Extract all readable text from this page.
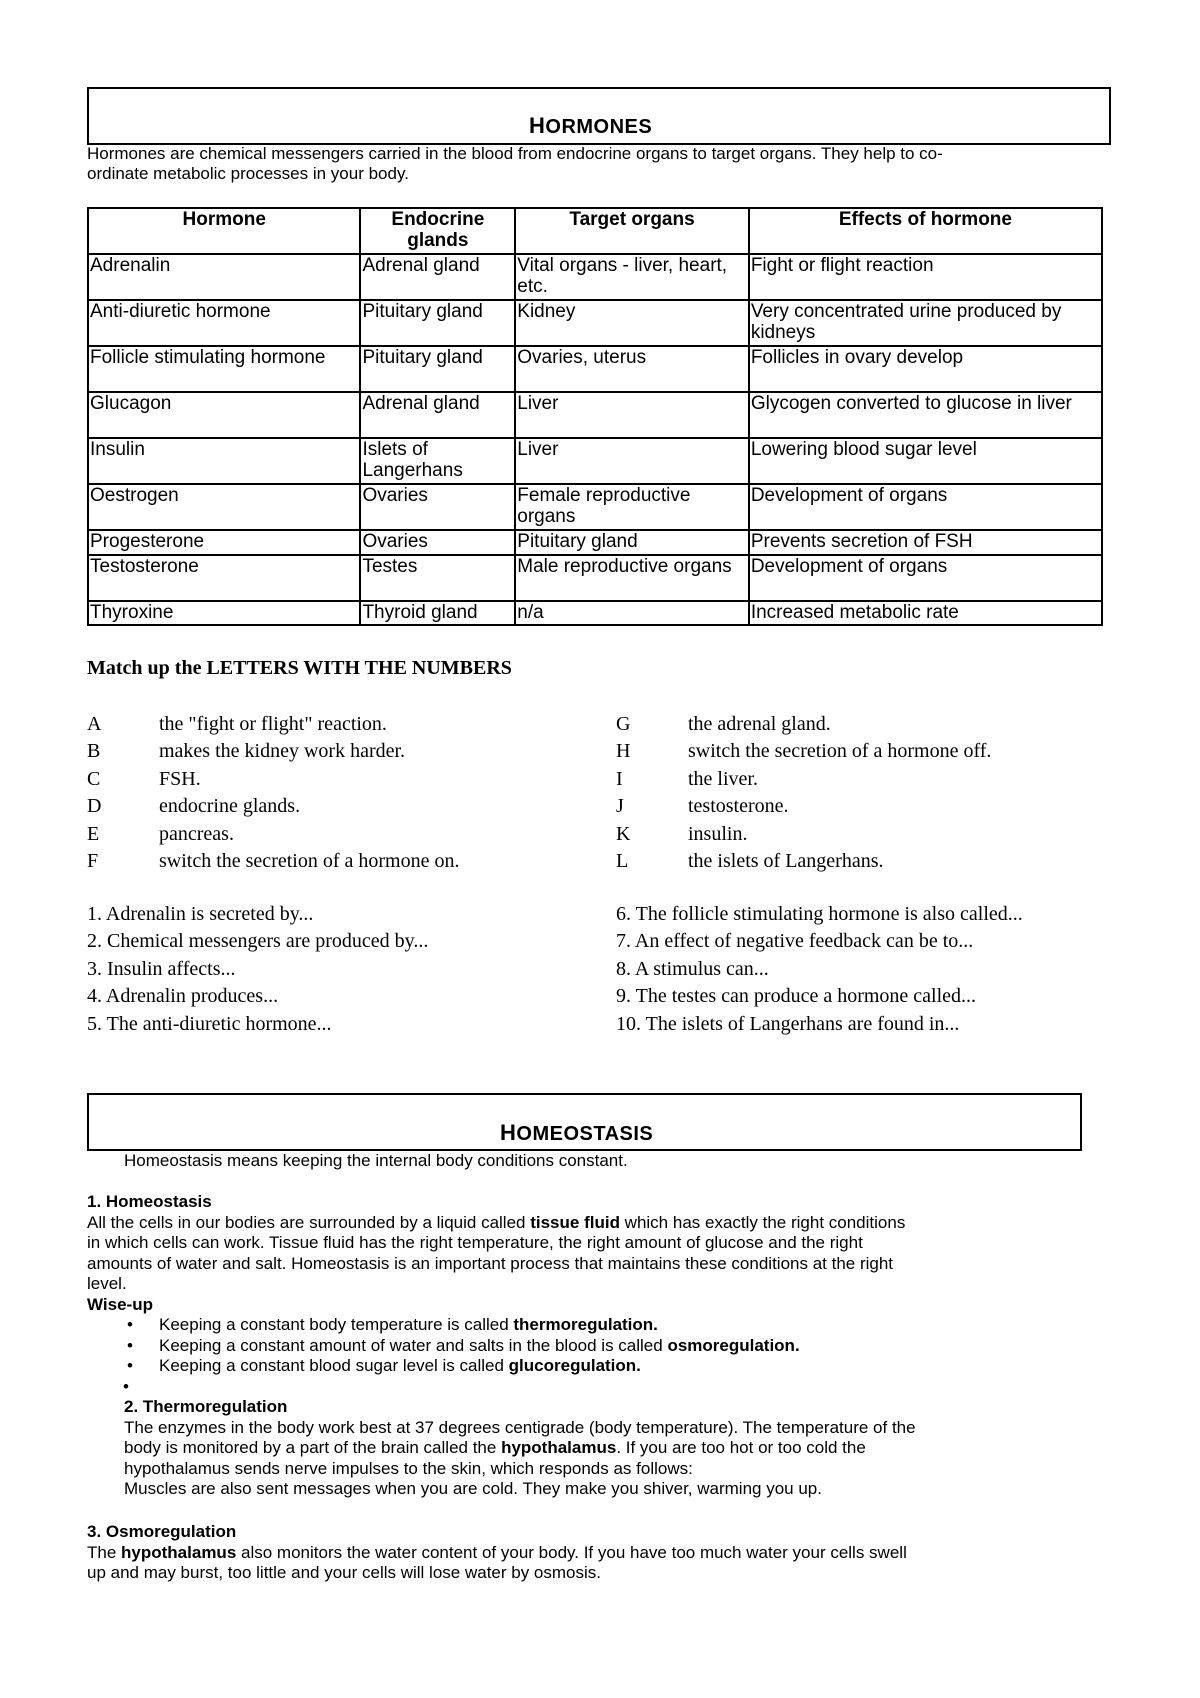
HORMONES
Hormones are chemical messengers carried in the blood from endocrine organs to target organs. They help to co-
ordinate metabolic processes in your body.
Hormone	Endocrine glands	Target organs	Effects of hormone
Adrenalin	Adrenal gland	Vital organs - liver, heart, etc.	Fight or flight reaction
Anti-diuretic hormone	Pituitary gland	Kidney	Very concentrated urine produced by kidneys
Follicle stimulating hormone	Pituitary gland	Ovaries, uterus	Follicles in ovary develop
Glucagon	Adrenal gland	Liver	Glycogen converted to glucose in liver
Insulin	Islets of Langerhans	Liver	Lowering blood sugar level
Oestrogen	Ovaries	Female reproductive organs	Development of organs
Progesterone	Ovaries	Pituitary gland	Prevents secretion of FSH
Testosterone	Testes	Male reproductive organs	Development of organs
Thyroxine	Thyroid gland	n/a	Increased metabolic rate
Match up the LETTERS WITH THE NUMBERS
A	the "fight or flight" reaction.
B	makes the kidney work harder.
C	FSH.
D	endocrine glands.
E	pancreas.
F	switch the secretion of a hormone on.
G	the adrenal gland.
H	switch the secretion of a hormone off.
I	the liver.
J	testosterone.
K	insulin.
L	the islets of Langerhans.
1. Adrenalin is secreted by...
2. Chemical messengers are produced by...
3. Insulin affects...
4. Adrenalin produces...
5. The anti-diuretic hormone...
6. The follicle stimulating hormone is also called...
7. An effect of negative feedback can be to...
8. A stimulus can...
9. The testes can produce a hormone called...
10. The islets of Langerhans are found in...
HOMEOSTASIS
Homeostasis means keeping the internal body conditions constant.
1. Homeostasis
All the cells in our bodies are surrounded by a liquid called tissue fluid which has exactly the right conditions
in which cells can work. Tissue fluid has the right temperature, the right amount of glucose and the right
amounts of water and salt. Homeostasis is an important process that maintains these conditions at the right
level.
Wise-up
• Keeping a constant body temperature is called thermoregulation.
• Keeping a constant amount of water and salts in the blood is called osmoregulation.
• Keeping a constant blood sugar level is called glucoregulation.
•
2. Thermoregulation
The enzymes in the body work best at 37 degrees centigrade (body temperature). The temperature of the
body is monitored by a part of the brain called the hypothalamus. If you are too hot or too cold the
hypothalamus sends nerve impulses to the skin, which responds as follows:
Muscles are also sent messages when you are cold. They make you shiver, warming you up.
3. Osmoregulation
The hypothalamus also monitors the water content of your body. If you have too much water your cells swell
up and may burst, too little and your cells will lose water by osmosis.
